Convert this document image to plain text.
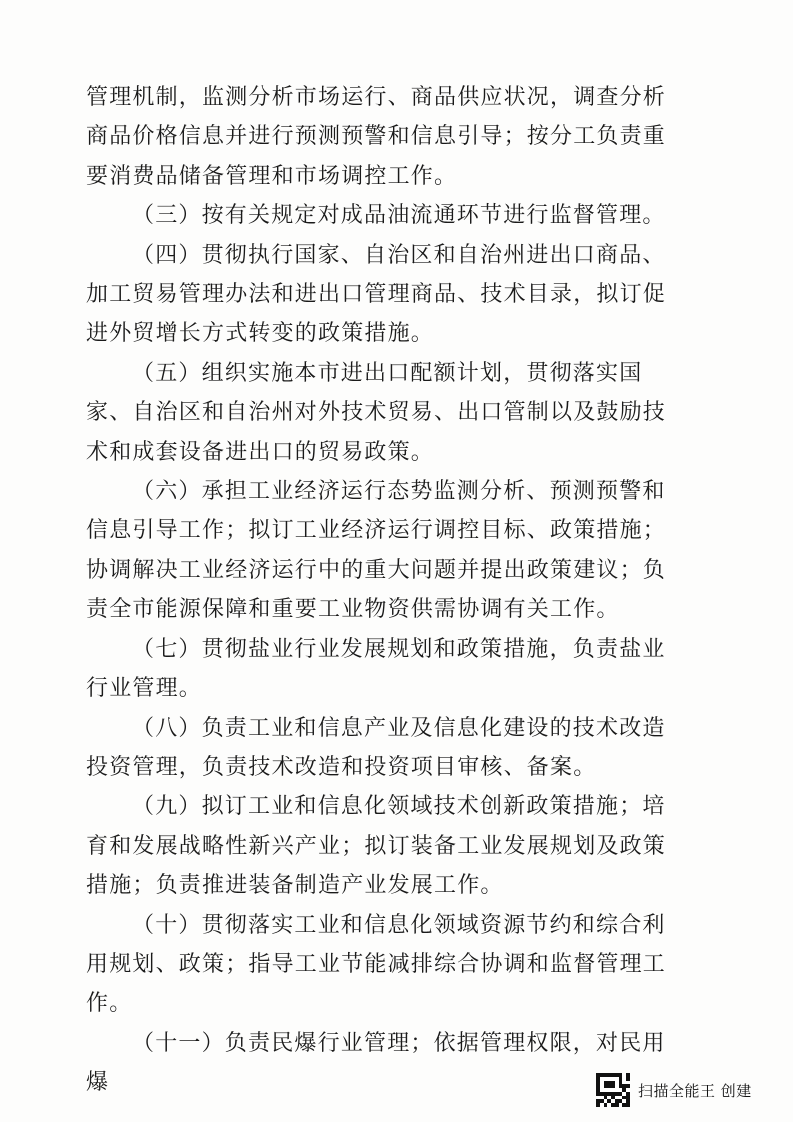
管理机制，监测分析市场运行、商品供应状况，调查分析商品价格信息并进行预测预警和信息引导；按分工负责重要消费品储备管理和市场调控工作。

（三）按有关规定对成品油流通环节进行监督管理。

（四）贯彻执行国家、自治区和自治州进出口商品、加工贸易管理办法和进出口管理商品、技术目录，拟订促进外贸增长方式转变的政策措施。

（五）组织实施本市进出口配额计划，贯彻落实国家、自治区和自治州对外技术贸易、出口管制以及鼓励技术和成套设备进出口的贸易政策。

（六）承担工业经济运行态势监测分析、预测预警和信息引导工作；拟订工业经济运行调控目标、政策措施；协调解决工业经济运行中的重大问题并提出政策建议；负责全市能源保障和重要工业物资供需协调有关工作。

（七）贯彻盐业行业发展规划和政策措施，负责盐业行业管理。

（八）负责工业和信息产业及信息化建设的技术改造投资管理，负责技术改造和投资项目审核、备案。

（九）拟订工业和信息化领域技术创新政策措施；培育和发展战略性新兴产业；拟订装备工业发展规划及政策措施；负责推进装备制造产业发展工作。

（十）贯彻落实工业和信息化领域资源节约和综合利用规划、政策；指导工业节能减排综合协调和监督管理工作。

（十一）负责民爆行业管理；依据管理权限，对民用爆	扫描全能王 创建
